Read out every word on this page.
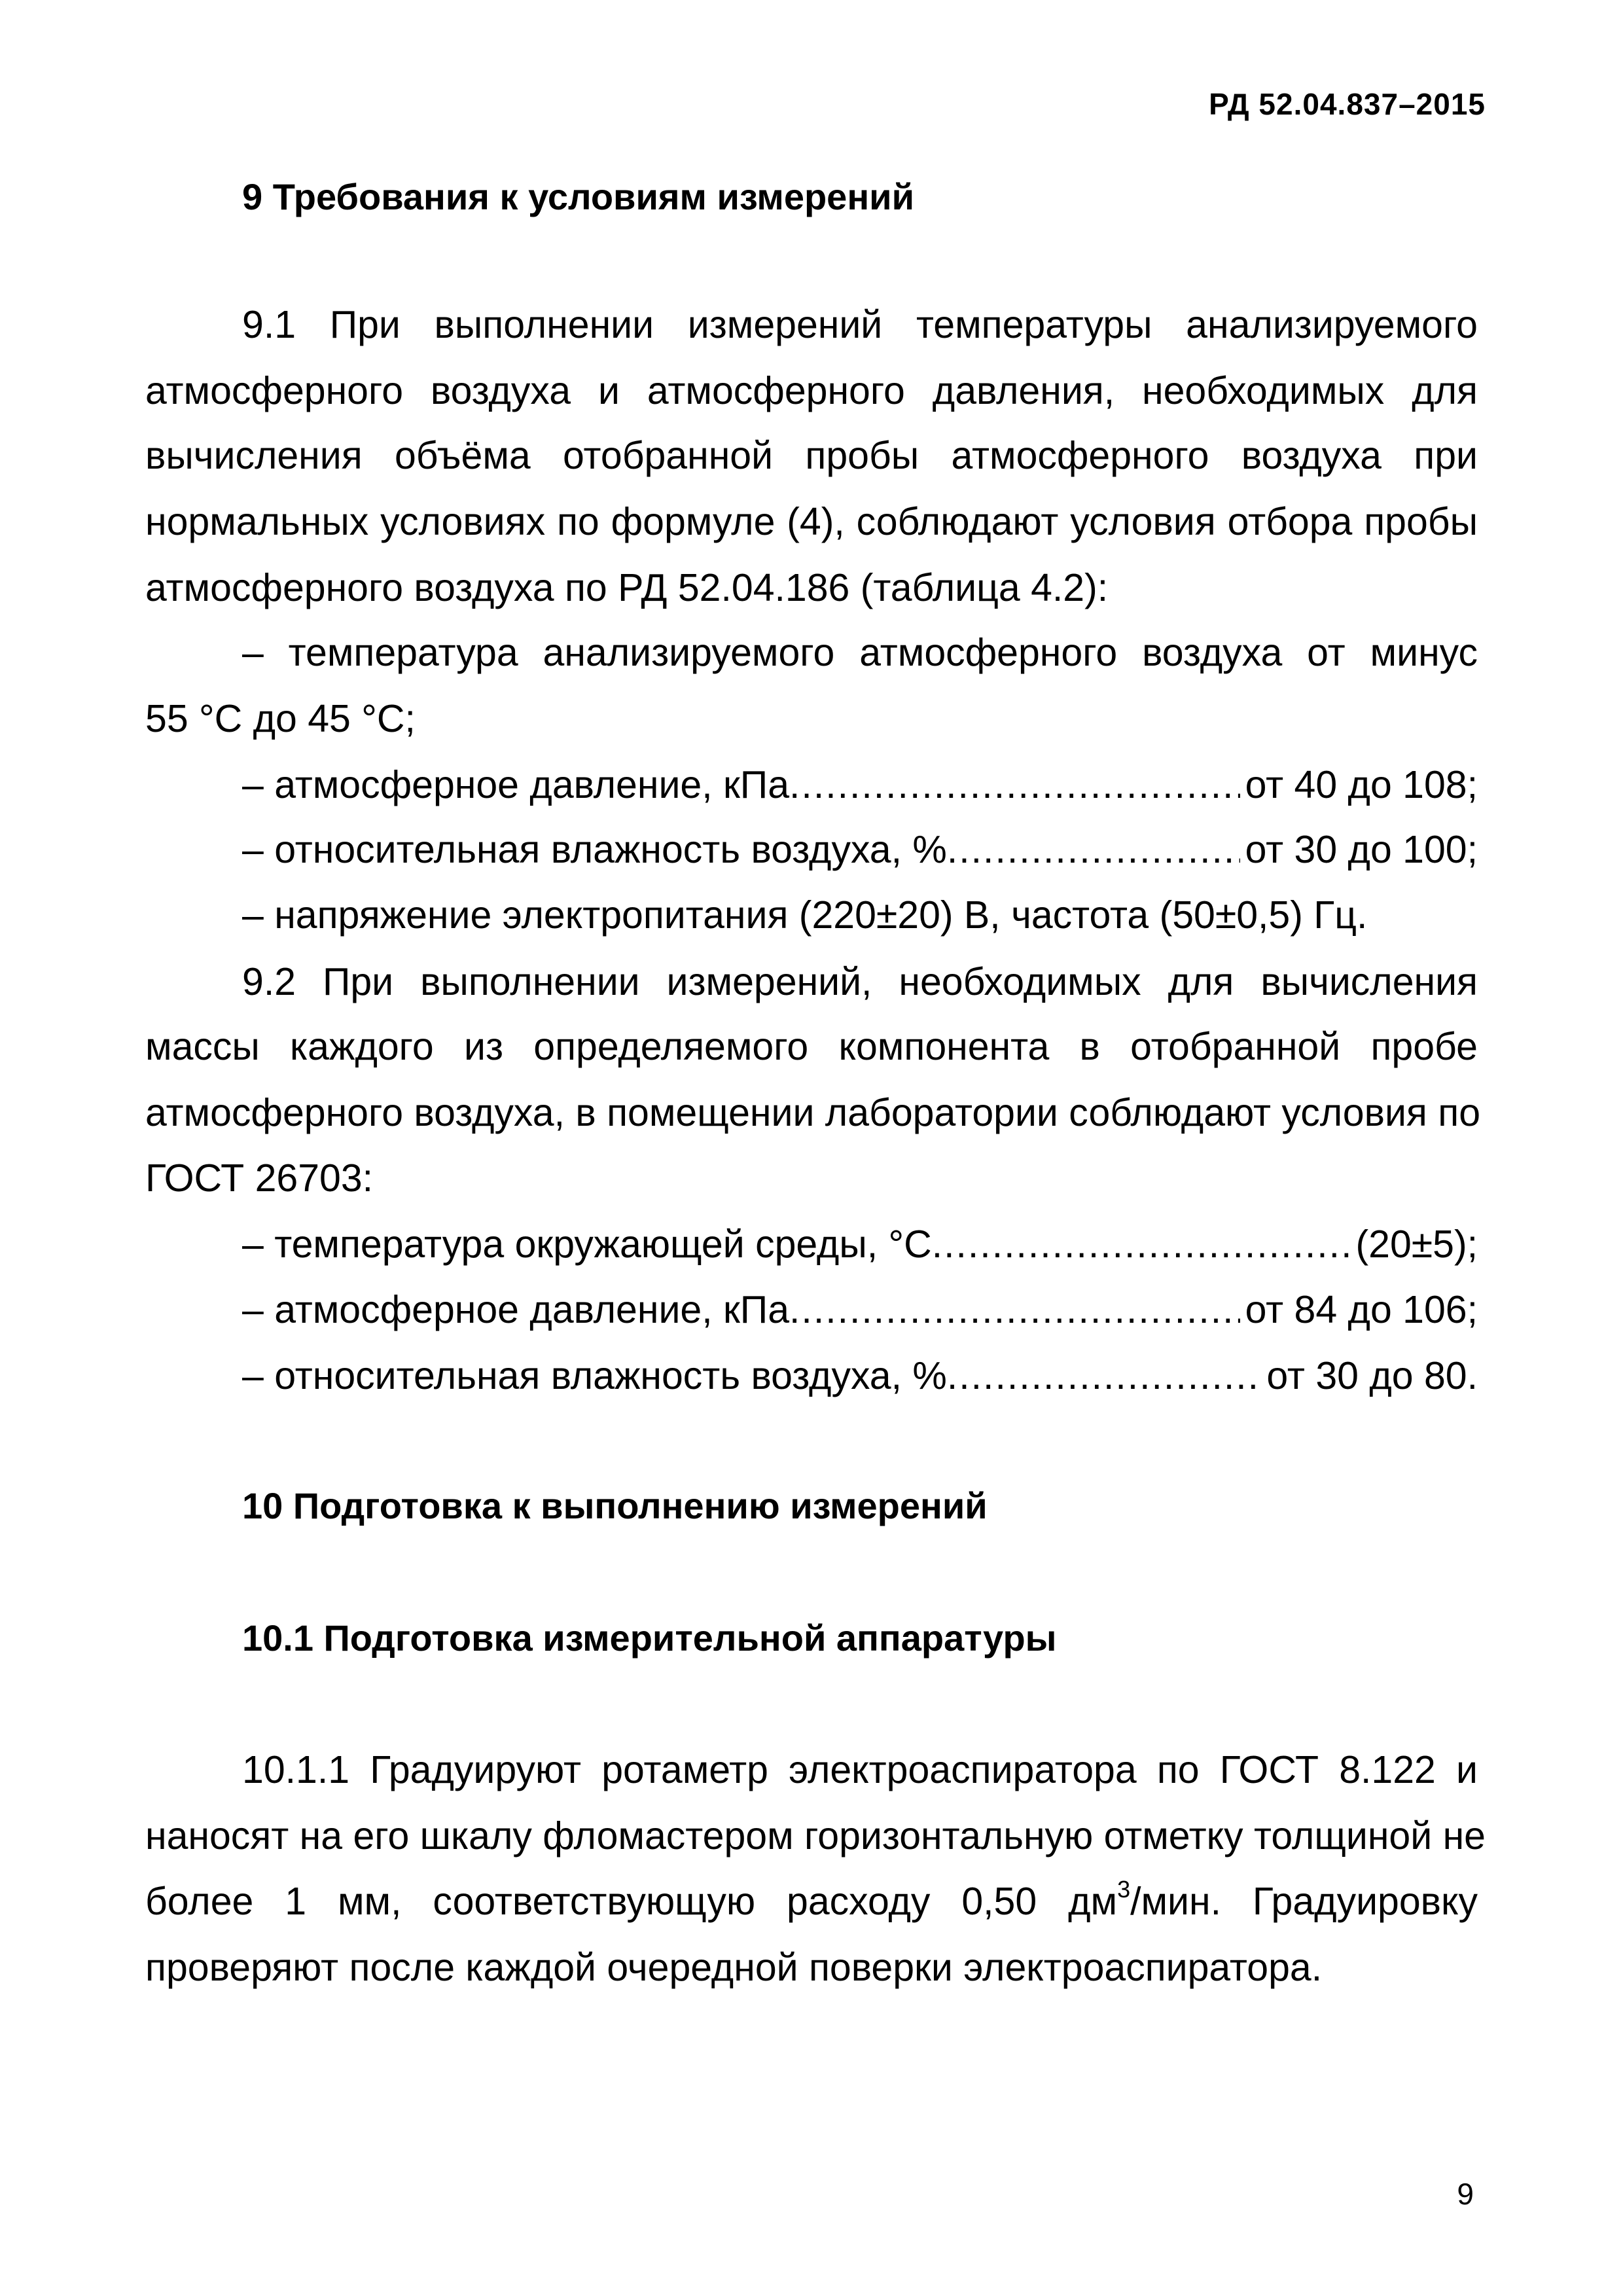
РД 52.04.837–2015
9 Требования к условиям измерений
9.1 При выполнении измерений температуры анализируемого
атмосферного воздуха и атмосферного давления, необходимых для
вычисления объёма отобранной пробы атмосферного воздуха при
нормальных условиях по формуле (4), соблюдают условия отбора пробы
атмосферного воздуха по РД 52.04.186 (таблица 4.2):
– температура анализируемого атмосферного воздуха от минус
55 °С до 45 °С;
– атмосферное давление, кПа .....	от 40 до 108;
– относительная влажность воздуха, % .....	от 30 до 100;
– напряжение электропитания (220±20) В, частота (50±0,5) Гц.
9.2 При выполнении измерений, необходимых для вычисления
массы каждого из определяемого компонента в отобранной пробе
атмосферного воздуха, в помещении лаборатории соблюдают условия по
ГОСТ 26703:
– температура окружающей среды, °С .....	(20±5);
– атмосферное давление, кПа .....	от 84 до 106;
– относительная влажность воздуха, % .....	от 30 до 80.
10 Подготовка к выполнению измерений
10.1 Подготовка измерительной аппаратуры
10.1.1 Градуируют ротаметр электроаспиратора по ГОСТ 8.122 и
наносят на его шкалу фломастером горизонтальную отметку толщиной не
более 1 мм, соответствующую расходу 0,50 $дм^3$/мин. Градуировку
проверяют после каждой очередной поверки электроаспиратора.
9
